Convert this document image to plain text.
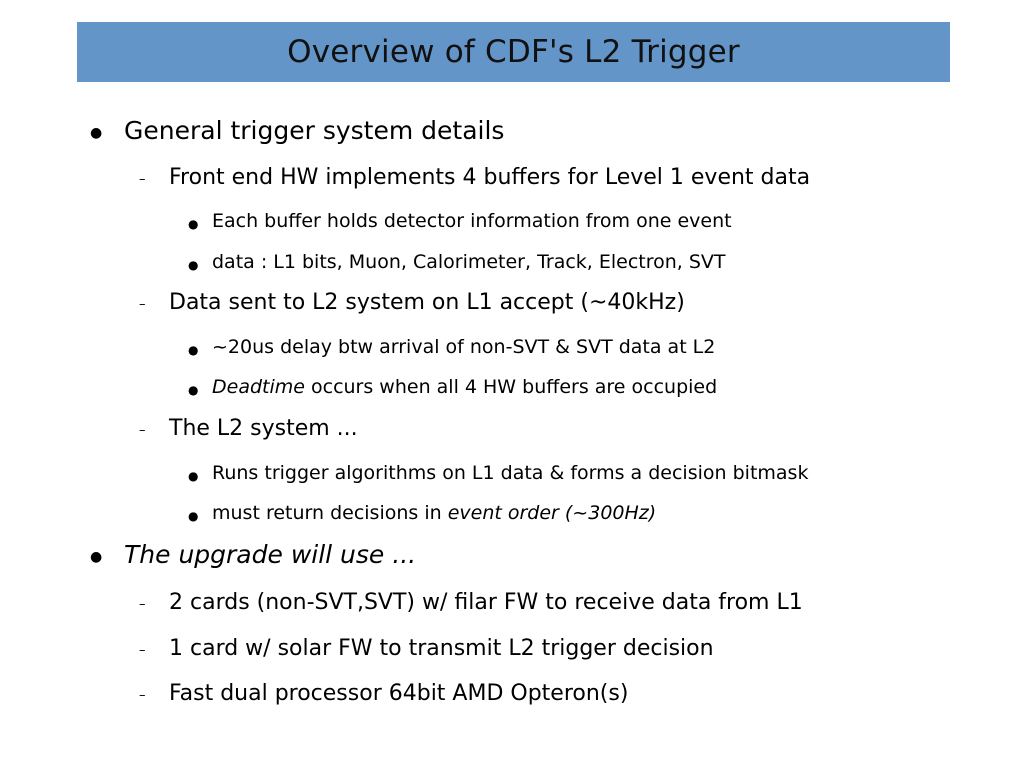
Overview of CDF's L2 Trigger
● General trigger system details
– Front end HW implements 4 buffers for Level 1 event data
● Each buffer holds detector information from one event
● data : L1 bits, Muon, Calorimeter, Track, Electron, SVT
– Data sent to L2 system on L1 accept (~40kHz)
● ~20us delay btw arrival of non-SVT & SVT data at L2
● Deadtime occurs when all 4 HW buffers are occupied
– The L2 system ...
● Runs trigger algorithms on L1 data & forms a decision bitmask
● must return decisions in event order (~300Hz)
● The upgrade will use ...
– 2 cards (non-SVT,SVT) w/ filar FW to receive data from L1
– 1 card w/ solar FW to transmit L2 trigger decision
– Fast dual processor 64bit AMD Opteron(s)
